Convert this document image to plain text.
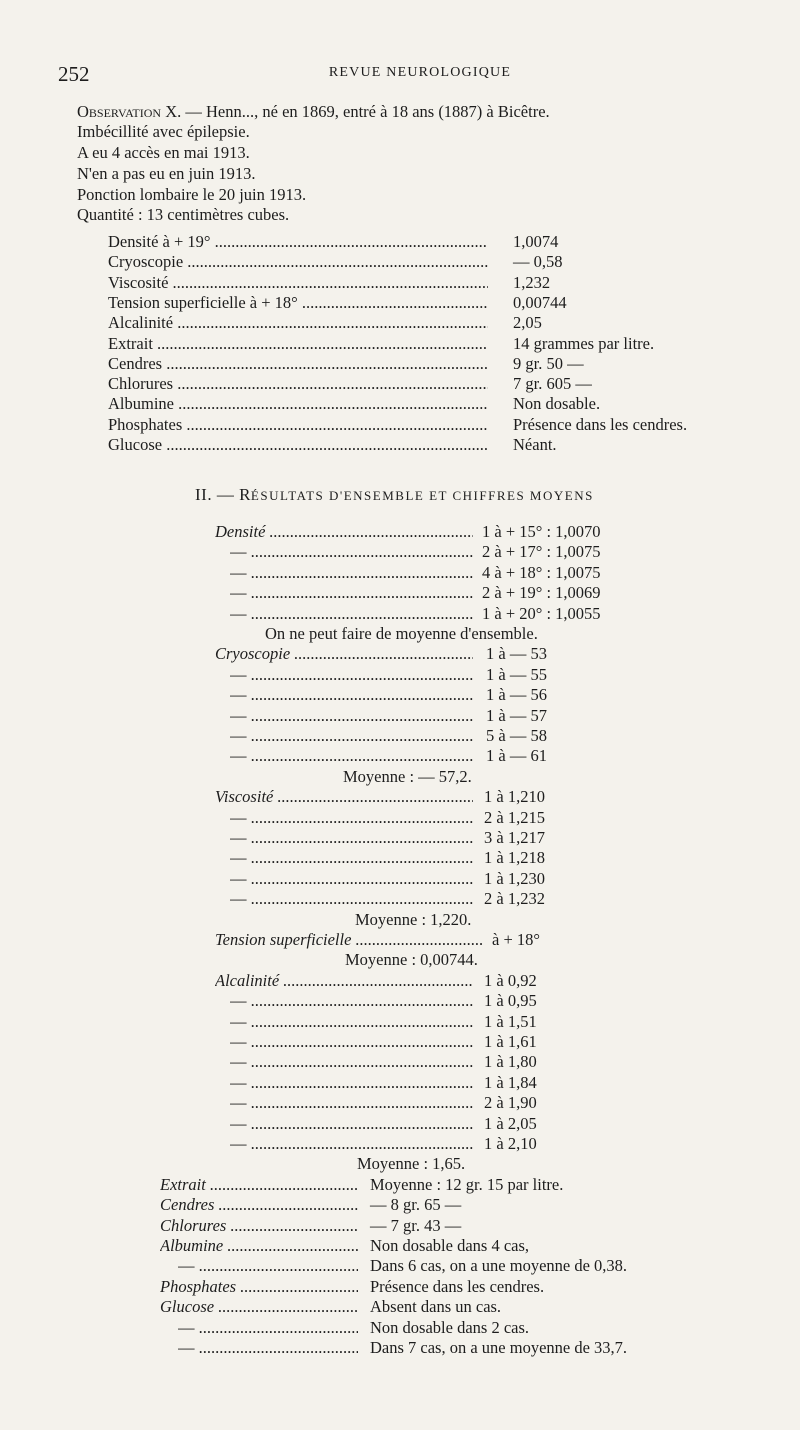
252	REVUE NEUROLOGIQUE
Observation X. — Henn..., né en 1869, entré à 18 ans (1887) à Bicêtre.
Imbécillité avec épilepsie.
A eu 4 accès en mai 1913.
N'en a pas eu en juin 1913.
Ponction lombaire le 20 juin 1913.
Quantité : 13 centimètres cubes.
Densité à + 19° .....	1,0074
Cryoscopie .....	— 0,58
Viscosité .....	1,232
Tension superficielle à + 18° .....	0,00744
Alcalinité .....	2,05
Extrait .....	14 grammes par litre.
Cendres .....	9 gr. 50 —
Chlorures .....	7 gr. 605 —
Albumine .....	Non dosable.
Phosphates .....	Présence dans les cendres.
Glucose .....	Néant.
II. — RÉSULTATS D'ENSEMBLE ET CHIFFRES MOYENS
Densité .....	1 à + 15° : 1,0070
— .....	2 à + 17° : 1,0075
— .....	4 à + 18° : 1,0075
— .....	2 à + 19° : 1,0069
— .....	1 à + 20° : 1,0055
On ne peut faire de moyenne d'ensemble.
Cryoscopie .....	1 à — 53
— .....	1 à — 55
— .....	1 à — 56
— .....	1 à — 57
— .....	5 à — 58
— .....	1 à — 61
Moyenne : — 57,2.
Viscosité .....	1 à 1,210
— .....	2 à 1,215
— .....	3 à 1,217
— .....	1 à 1,218
— .....	1 à 1,230
— .....	2 à 1,232
Moyenne : 1,220.
Tension superficielle .....	à + 18°
Moyenne : 0,00744.
Alcalinité .....	1 à 0,92
— .....	1 à 0,95
— .....	1 à 1,51
— .....	1 à 1,61
— .....	1 à 1,80
— .....	1 à 1,84
— .....	2 à 1,90
— .....	1 à 2,05
— .....	1 à 2,10
Moyenne : 1,65.
Extrait .....	Moyenne : 12 gr. 15 par litre.
Cendres .....	— 8 gr. 65 —
Chlorures .....	— 7 gr. 43 —
Albumine .....	Non dosable dans 4 cas,
— .....	Dans 6 cas, on a une moyenne de 0,38.
Phosphates .....	Présence dans les cendres.
Glucose .....	Absent dans un cas.
— .....	Non dosable dans 2 cas.
— .....	Dans 7 cas, on a une moyenne de 33,7.
